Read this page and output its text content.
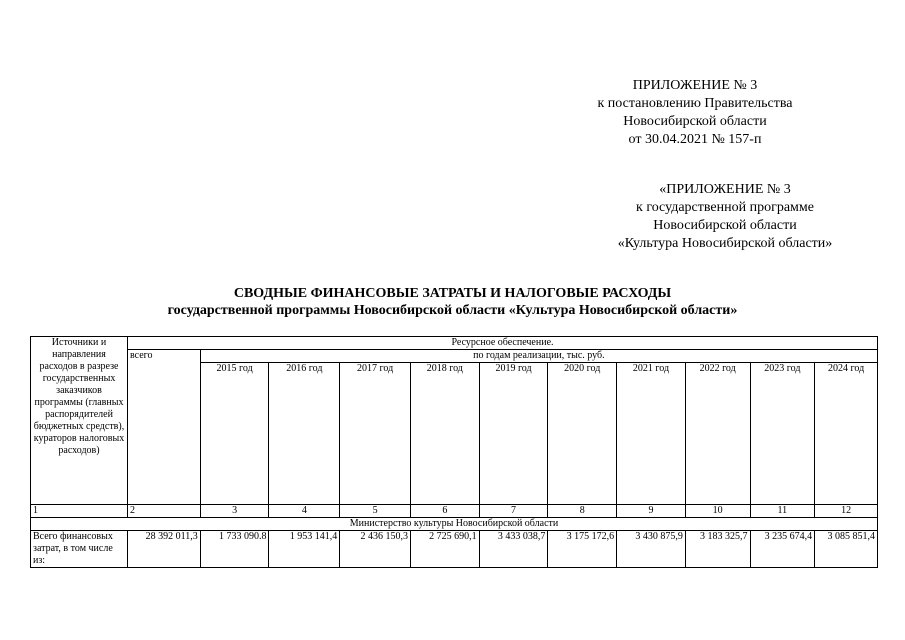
ПРИЛОЖЕНИЕ № 3
к постановлению Правительства
Новосибирской области
от 30.04.2021 № 157-п
«ПРИЛОЖЕНИЕ № 3
к государственной программе
Новосибирской области
«Культура Новосибирской области»
СВОДНЫЕ ФИНАНСОВЫЕ ЗАТРАТЫ И НАЛОГОВЫЕ РАСХОДЫ
государственной программы Новосибирской области «Культура Новосибирской области»
Источники и направления расходов в разрезе государственных заказчиков программы (главных распорядителей бюджетных средств), кураторов налоговых расходов)	Ресурсное обеспечение.										
	всего	по годам реализации, тыс. руб.									
		2015 год	2016 год	2017 год	2018 год	2019 год	2020 год	2021 год	2022 год	2023 год	2024 год
1	2	3	4	5	6	7	8	9	10	11	12
Министерство культуры Новосибирской области											
Всего финансовых затрат, в том числе из:	28 392 011,3	1 733 090.8	1 953 141,4	2 436 150,3	2 725 690,1	3 433 038,7	3 175 172,6	3 430 875,9	3 183 325,7	3 235 674,4	3 085 851,4
